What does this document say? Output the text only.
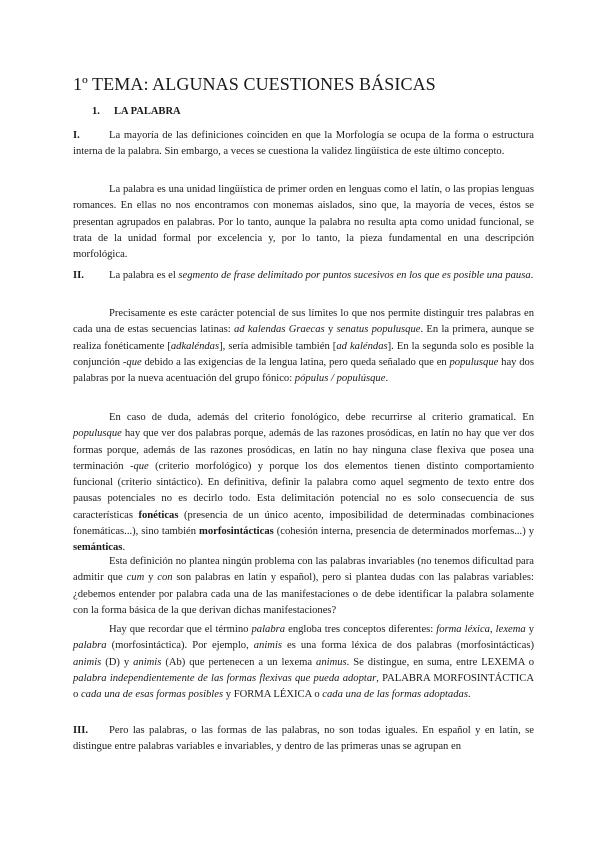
1º TEMA: ALGUNAS CUESTIONES BÁSICAS
1. LA PALABRA

I.	La mayoría de las definiciones coinciden en que la Morfología se ocupa de la forma o estructura interna de la palabra. Sin embargo, a veces se cuestiona la validez lingüística de este último concepto.

La palabra es una unidad lingüística de primer orden en lenguas como el latín, o las propias lenguas romances. En ellas no nos encontramos con monemas aislados, sino que, la mayoría de veces, éstos se presentan agrupados en palabras. Por lo tanto, aunque la palabra no resulta apta como unidad funcional, se trata de la unidad formal por excelencia y, por lo tanto, la pieza fundamental en una descripción morfológica.

II. La palabra es el segmento de frase delimitado por puntos sucesivos en los que es posible una pausa.

Precisamente es este carácter potencial de sus límites lo que nos permite distinguir tres palabras en cada una de estas secuencias latinas: ad kalendas Graecas y senatus populusque. En la primera, aunque se realiza fonéticamente [adkaléndas], sería admisible también [ad kaléndas]. En la segunda solo es posible la conjunción -que debido a las exigencias de la lengua latina, pero queda señalado que en populusque hay dos palabras por la nueva acentuación del grupo fónico: pópulus / populúsque.

En caso de duda, además del criterio fonológico, debe recurrirse al criterio gramatical. En populusque hay que ver dos palabras porque, además de las razones prosódicas, en latín no hay que ver dos formas porque, además de las razones prosódicas, en latín no hay ninguna clase flexiva que posea una terminación -que (criterio morfológico) y porque los dos elementos tienen distinto comportamiento funcional (criterio sintáctico). En definitiva, definir la palabra como aquel segmento de texto entre dos pausas potenciales no es decirlo todo. Esta delimitación potencial no es solo consecuencia de sus características fonéticas (presencia de un único acento, imposibilidad de determinadas combinaciones fonemáticas...), sino también morfosintácticas (cohesión interna, presencia de determinados morfemas...) y semánticas.

Esta definición no plantea ningún problema con las palabras invariables (no tenemos dificultad para admitir que cum y con son palabras en latín y español), pero si plantea dudas con las palabras variables: ¿debemos entender por palabra cada una de las manifestaciones o de debe identificar la palabra solamente con la forma básica de la que derivan dichas manifestaciones?

Hay que recordar que el término palabra engloba tres conceptos diferentes: forma léxica, lexema y palabra (morfosintáctica). Por ejemplo, animis es una forma léxica de dos palabras (morfosintácticas) animis (D) y animis (Ab) que pertenecen a un lexema animus. Se distingue, en suma, entre LEXEMA o palabra independientemente de las formas flexivas que pueda adoptar, PALABRA MORFOSINTÁCTICA o cada una de esas formas posibles y FORMA LÉXICA o cada una de las formas adoptadas.

III. Pero las palabras, o las formas de las palabras, no son todas iguales. En español y en latín, se distingue entre palabras variables e invariables, y dentro de las primeras unas se agrupan en
